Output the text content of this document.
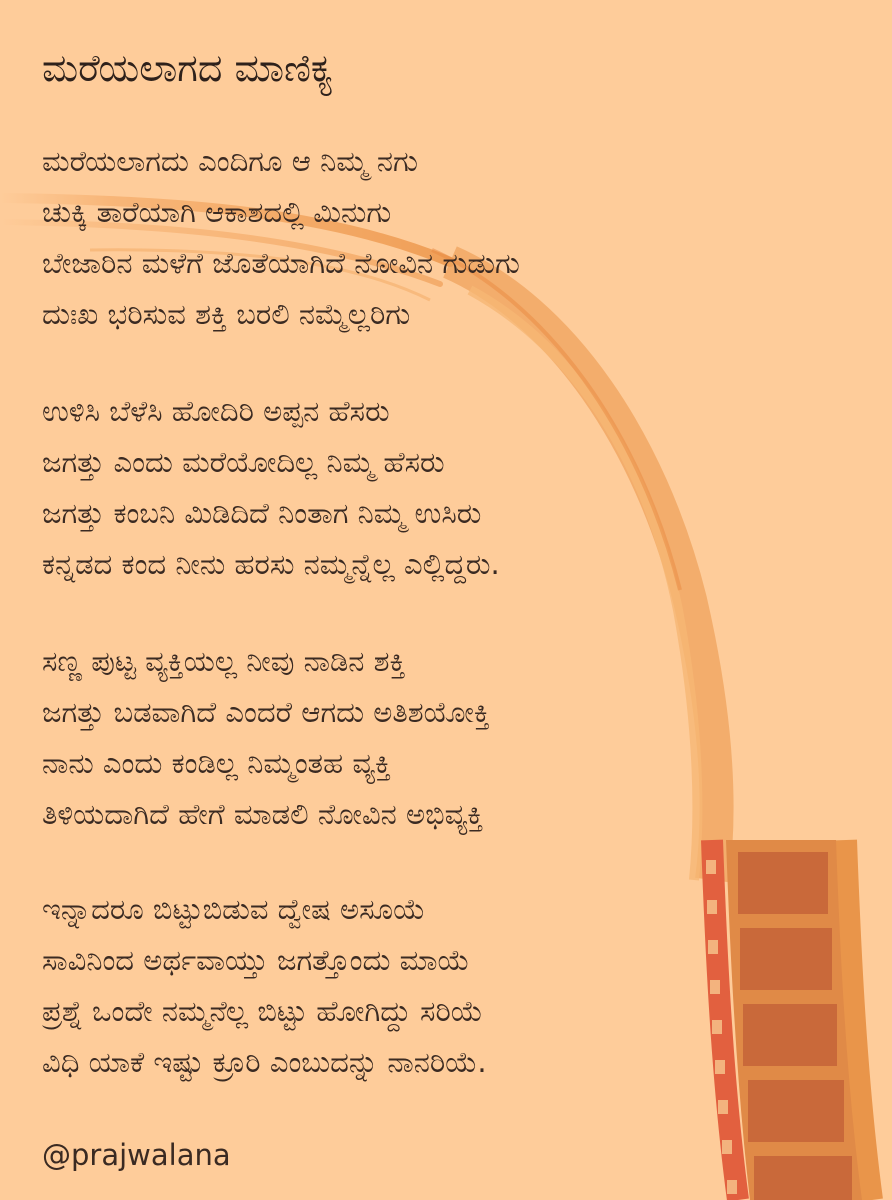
ಮರೆಯಲಾಗದ ಮಾಣಿಕ್ಯ
ಮರೆಯಲಾಗದು ಎಂದಿಗೂ ಆ ನಿಮ್ಮ ನಗು
ಚುಕ್ಕಿ ತಾರೆಯಾಗಿ ಆಕಾಶದಲ್ಲಿ ಮಿನುಗು
ಬೇಜಾರಿನ ಮಳೆಗೆ ಜೊತೆಯಾಗಿದೆ ನೋವಿನ ಗುಡುಗು
ದುಃಖ ಭರಿಸುವ ಶಕ್ತಿ ಬರಲಿ ನಮ್ಮೆಲ್ಲರಿಗು
ಉಳಿಸಿ ಬೆಳೆಸಿ ಹೋದಿರಿ ಅಪ್ಪನ ಹೆಸರು
ಜಗತ್ತು ಎಂದು ಮರೆಯೋದಿಲ್ಲ ನಿಮ್ಮ ಹೆಸರು
ಜಗತ್ತು ಕಂಬನಿ ಮಿಡಿದಿದೆ ನಿಂತಾಗ ನಿಮ್ಮ ಉಸಿರು
ಕನ್ನಡದ ಕಂದ ನೀನು ಹರಸು ನಮ್ಮನ್ನೆಲ್ಲ ಎಲ್ಲಿದ್ದರು.
ಸಣ್ಣ ಪುಟ್ಟ ವ್ಯಕ್ತಿಯಲ್ಲ ನೀವು ನಾಡಿನ ಶಕ್ತಿ
ಜಗತ್ತು ಬಡವಾಗಿದೆ ಎಂದರೆ ಆಗದು ಅತಿಶಯೋಕ್ತಿ
ನಾನು ಎಂದು ಕಂಡಿಲ್ಲ ನಿಮ್ಮಂತಹ ವ್ಯಕ್ತಿ
ತಿಳಿಯದಾಗಿದೆ ಹೇಗೆ ಮಾಡಲಿ ನೋವಿನ ಅಭಿವ್ಯಕ್ತಿ
ಇನ್ನಾದರೂ ಬಿಟ್ಟುಬಿಡುವ ದ್ವೇಷ ಅಸೂಯೆ
ಸಾವಿನಿಂದ ಅರ್ಥವಾಯ್ತು ಜಗತ್ತೊಂದು ಮಾಯೆ
ಪ್ರಶ್ನೆ ಒಂದೇ ನಮ್ಮನೆಲ್ಲ ಬಿಟ್ಟು ಹೋಗಿದ್ದು ಸರಿಯೆ
ವಿಧಿ ಯಾಕೆ ಇಷ್ಟು ಕ್ರೂರಿ ಎಂಬುದನ್ನು ನಾನರಿಯೆ.
@prajwalana
